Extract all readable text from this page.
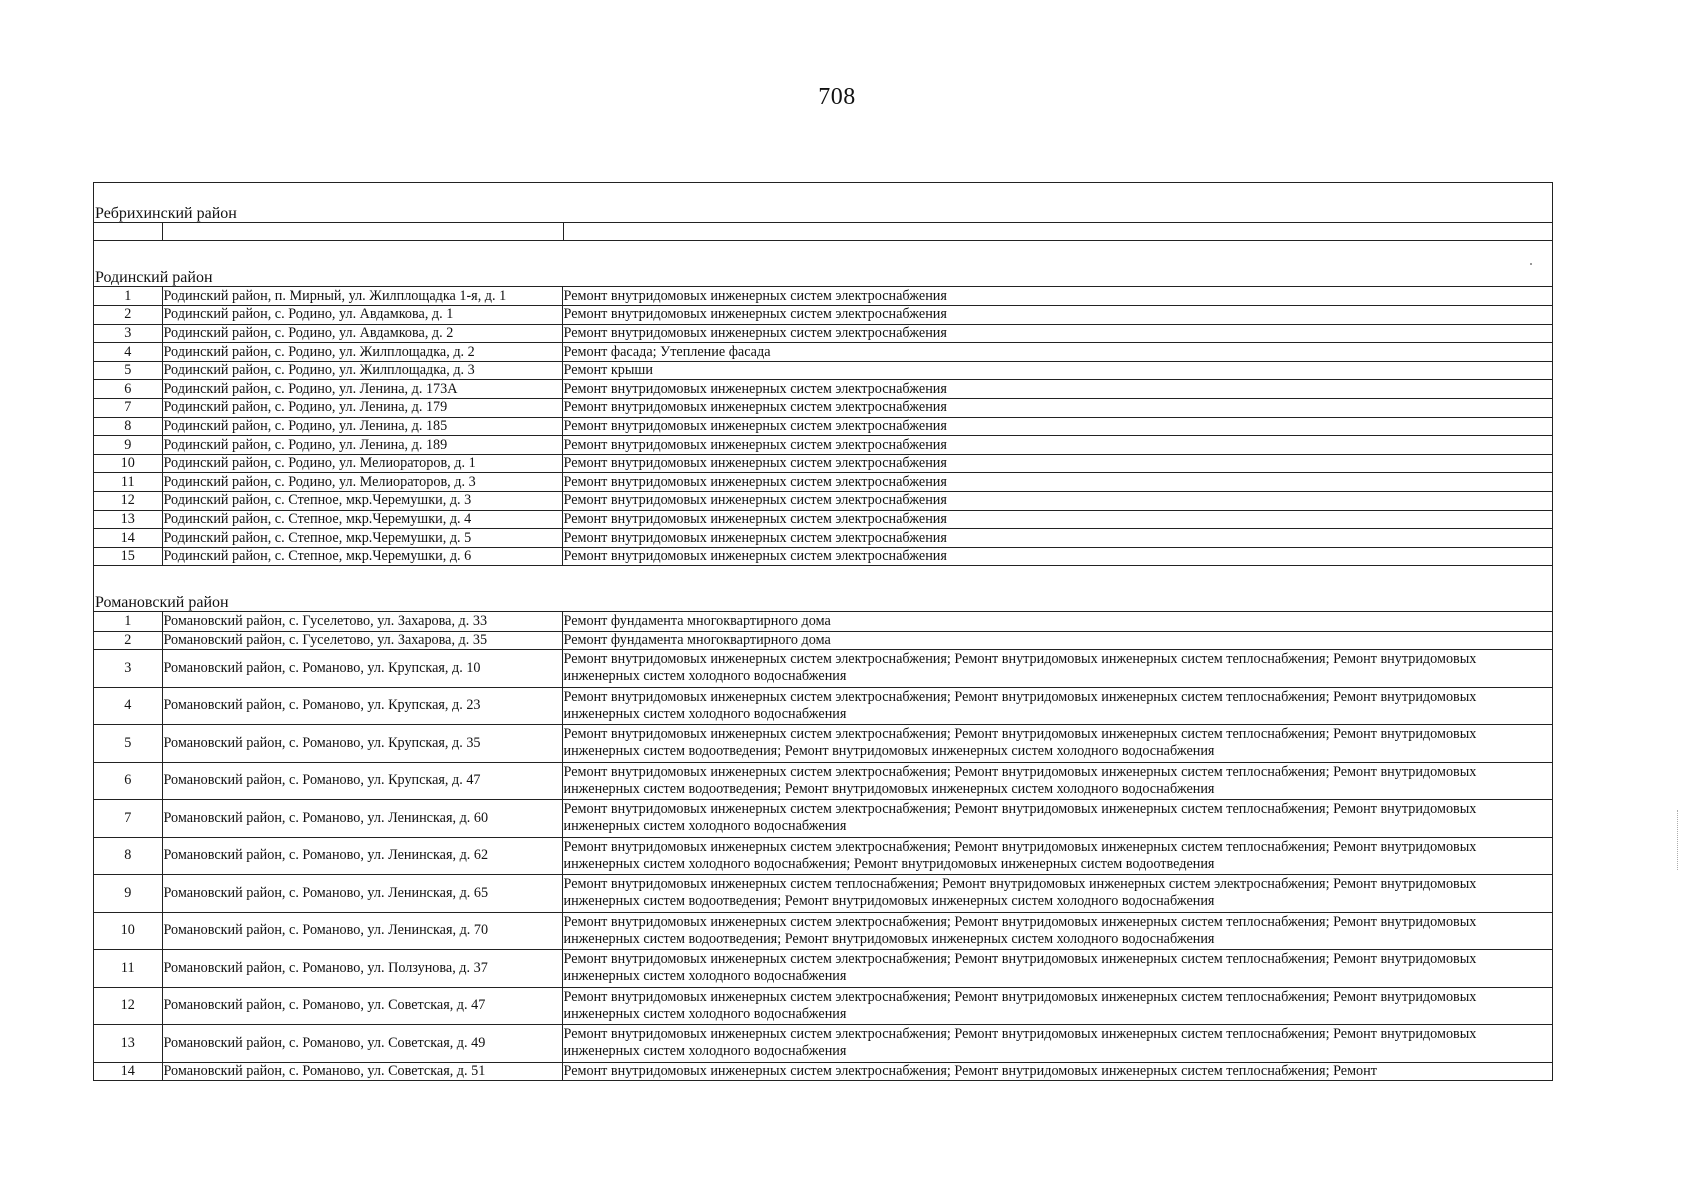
708
Ребрихинский район
Родинский район
1	Родинский район, п. Мирный, ул. Жилплощадка 1-я, д. 1	Ремонт внутридомовых инженерных систем электроснабжения
2	Родинский район, с. Родино, ул. Авдамкова, д. 1	Ремонт внутридомовых инженерных систем электроснабжения
3	Родинский район, с. Родино, ул. Авдамкова, д. 2	Ремонт внутридомовых инженерных систем электроснабжения
4	Родинский район, с. Родино, ул. Жилплощадка, д. 2	Ремонт фасада; Утепление фасада
5	Родинский район, с. Родино, ул. Жилплощадка, д. 3	Ремонт крыши
6	Родинский район, с. Родино, ул. Ленина, д. 173А	Ремонт внутридомовых инженерных систем электроснабжения
7	Родинский район, с. Родино, ул. Ленина, д. 179	Ремонт внутридомовых инженерных систем электроснабжения
8	Родинский район, с. Родино, ул. Ленина, д. 185	Ремонт внутридомовых инженерных систем электроснабжения
9	Родинский район, с. Родино, ул. Ленина, д. 189	Ремонт внутридомовых инженерных систем электроснабжения
10	Родинский район, с. Родино, ул. Мелиораторов, д. 1	Ремонт внутридомовых инженерных систем электроснабжения
11	Родинский район, с. Родино, ул. Мелиораторов, д. 3	Ремонт внутридомовых инженерных систем электроснабжения
12	Родинский район, с. Степное, мкр.Черемушки, д. 3	Ремонт внутридомовых инженерных систем электроснабжения
13	Родинский район, с. Степное, мкр.Черемушки, д. 4	Ремонт внутридомовых инженерных систем электроснабжения
14	Родинский район, с. Степное, мкр.Черемушки, д. 5	Ремонт внутридомовых инженерных систем электроснабжения
15	Родинский район, с. Степное, мкр.Черемушки, д. 6	Ремонт внутридомовых инженерных систем электроснабжения
Романовский район
1	Романовский район, с. Гуселетово, ул. Захарова, д. 33	Ремонт фундамента многоквартирного дома
2	Романовский район, с. Гуселетово, ул. Захарова, д. 35	Ремонт фундамента многоквартирного дома
3	Романовский район, с. Романово, ул. Крупская, д. 10	Ремонт внутридомовых инженерных систем электроснабжения; Ремонт внутридомовых инженерных систем теплоснабжения; Ремонт внутридомовых инженерных систем холодного водоснабжения
4	Романовский район, с. Романово, ул. Крупская, д. 23	Ремонт внутридомовых инженерных систем электроснабжения; Ремонт внутридомовых инженерных систем теплоснабжения; Ремонт внутридомовых инженерных систем холодного водоснабжения
5	Романовский район, с. Романово, ул. Крупская, д. 35	Ремонт внутридомовых инженерных систем электроснабжения; Ремонт внутридомовых инженерных систем теплоснабжения; Ремонт внутридомовых инженерных систем водоотведения; Ремонт внутридомовых инженерных систем холодного водоснабжения
6	Романовский район, с. Романово, ул. Крупская, д. 47	Ремонт внутридомовых инженерных систем электроснабжения; Ремонт внутридомовых инженерных систем теплоснабжения; Ремонт внутридомовых инженерных систем водоотведения; Ремонт внутридомовых инженерных систем холодного водоснабжения
7	Романовский район, с. Романово, ул. Ленинская, д. 60	Ремонт внутридомовых инженерных систем электроснабжения; Ремонт внутридомовых инженерных систем теплоснабжения; Ремонт внутридомовых инженерных систем холодного водоснабжения
8	Романовский район, с. Романово, ул. Ленинская, д. 62	Ремонт внутридомовых инженерных систем электроснабжения; Ремонт внутридомовых инженерных систем теплоснабжения; Ремонт внутридомовых инженерных систем холодного водоснабжения; Ремонт внутридомовых инженерных систем водоотведения
9	Романовский район, с. Романово, ул. Ленинская, д. 65	Ремонт внутридомовых инженерных систем теплоснабжения; Ремонт внутридомовых инженерных систем электроснабжения; Ремонт внутридомовых инженерных систем водоотведения; Ремонт внутридомовых инженерных систем холодного водоснабжения
10	Романовский район, с. Романово, ул. Ленинская, д. 70	Ремонт внутридомовых инженерных систем электроснабжения; Ремонт внутридомовых инженерных систем теплоснабжения; Ремонт внутридомовых инженерных систем водоотведения; Ремонт внутридомовых инженерных систем холодного водоснабжения
11	Романовский район, с. Романово, ул. Ползунова, д. 37	Ремонт внутридомовых инженерных систем электроснабжения; Ремонт внутридомовых инженерных систем теплоснабжения; Ремонт внутридомовых инженерных систем холодного водоснабжения
12	Романовский район, с. Романово, ул. Советская, д. 47	Ремонт внутридомовых инженерных систем электроснабжения; Ремонт внутридомовых инженерных систем теплоснабжения; Ремонт внутридомовых инженерных систем холодного водоснабжения
13	Романовский район, с. Романово, ул. Советская, д. 49	Ремонт внутридомовых инженерных систем электроснабжения; Ремонт внутридомовых инженерных систем теплоснабжения; Ремонт внутридомовых инженерных систем холодного водоснабжения
14	Романовский район, с. Романово, ул. Советская, д. 51	Ремонт внутридомовых инженерных систем электроснабжения; Ремонт внутридомовых инженерных систем теплоснабжения; Ремонт
